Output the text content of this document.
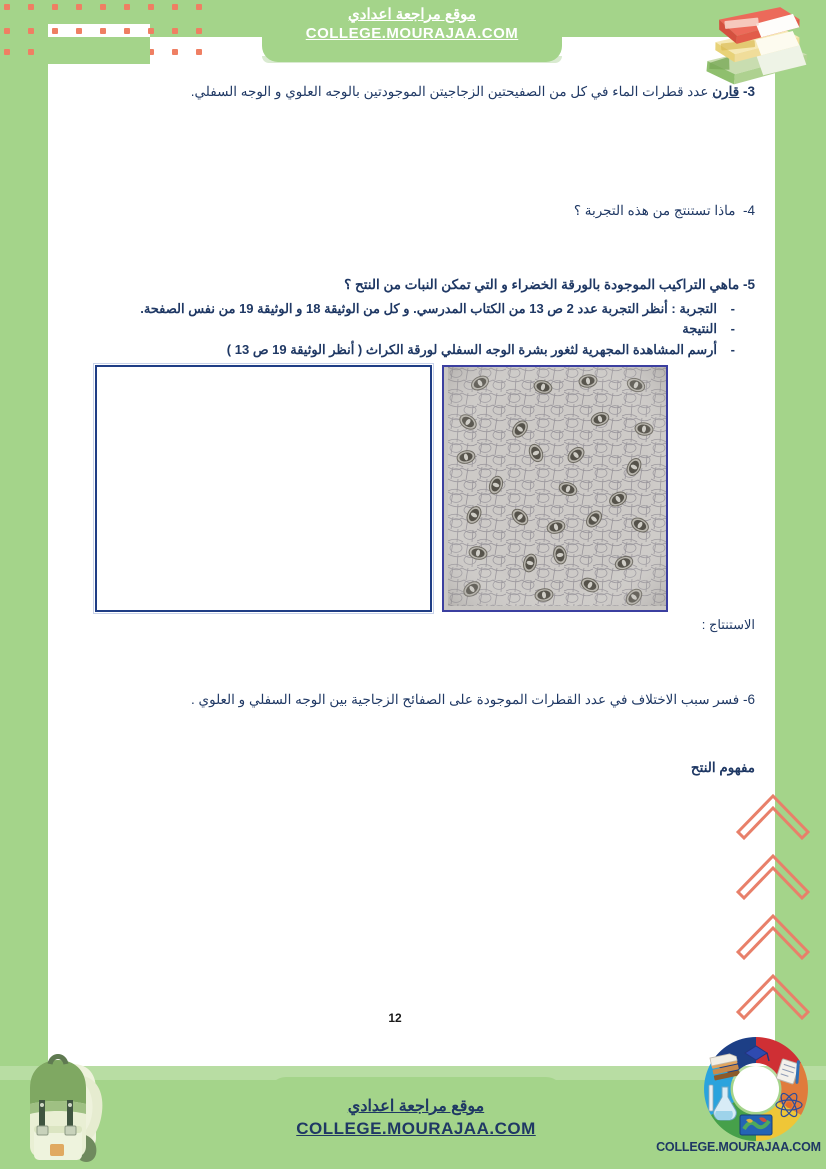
موقع مراجعة اعدادي
COLLEGE.MOURAJAA.COM

3- قارن عدد قطرات الماء في كل من الصفيحتين الزجاجيتن الموجودتين بالوجه العلوي و الوجه السفلي.

4-  ماذا تستنتج من هذه التجربة ؟

5- ماهي التراكيب الموجودة بالورقة الخضراء و التي تمكن النبات من النتح ؟

- التجربة : أنظر التجربة عدد 2 ص 13 من الكتاب المدرسي. و كل من الوثيقة 18 و الوثيقة 19 من نفس الصفحة.
- النتيجة
- أرسم المشاهدة المجهرية لثغور بشرة الوجه السفلي لورقة الكراث ( أنظر الوثيقة 19 ص 13 )
الاستنتاج :

6- فسر سبب الاختلاف في عدد القطرات الموجودة على الصفائح الزجاجية بين الوجه السفلي و العلوي .

مفهوم النتح
12
موقع مراجعة اعدادي
COLLEGE.MOURAJAA.COM
COLLEGE.MOURAJAA.COM
